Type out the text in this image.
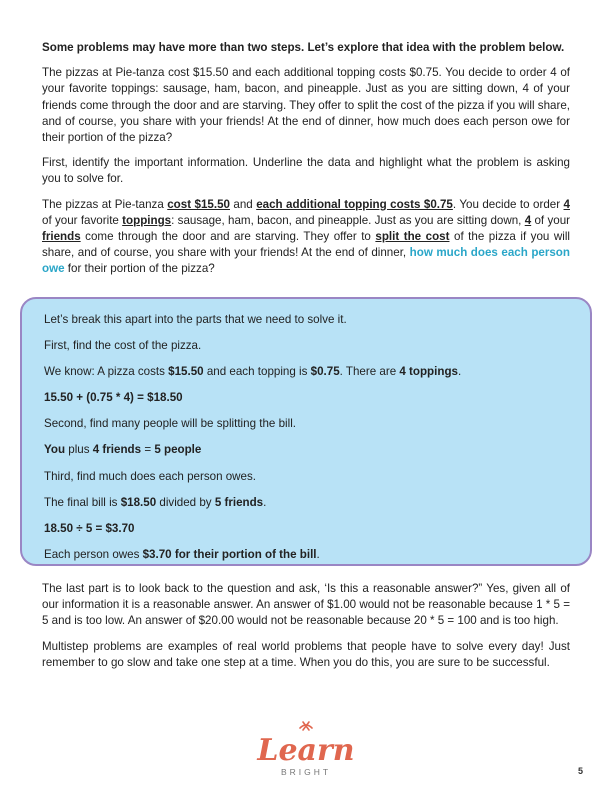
Some problems may have more than two steps. Let’s explore that idea with the problem below.

The pizzas at Pie-tanza cost $15.50 and each additional topping costs $0.75. You decide to order 4 of your favorite toppings: sausage, ham, bacon, and pineapple. Just as you are sitting down, 4 of your friends come through the door and are starving. They offer to split the cost of the pizza if you will share, and of course, you share with your friends! At the end of dinner, how much does each person owe for their portion of the pizza?

First, identify the important information. Underline the data and highlight what the problem is asking you to solve for.

The pizzas at Pie-tanza cost $15.50 and each additional topping costs $0.75. You decide to order 4 of your favorite toppings: sausage, ham, bacon, and pineapple. Just as you are sitting down, 4 of your friends come through the door and are starving. They offer to split the cost of the pizza if you will share, and of course, you share with your friends! At the end of dinner, how much does each person owe for their portion of the pizza?

Let’s break this apart into the parts that we need to solve it.

First, find the cost of the pizza.

We know: A pizza costs $15.50 and each topping is $0.75. There are 4 toppings.

15.50 + (0.75 * 4) = $18.50

Second, find many people will be splitting the bill.

You plus 4 friends = 5 people

Third, find much does each person owes.

The final bill is $18.50 divided by 5 friends.

18.50 ÷ 5 = $3.70

Each person owes $3.70 for their portion of the bill.

The last part is to look back to the question and ask, ‘Is this a reasonable answer?” Yes, given all of our information it is a reasonable answer. An answer of $1.00 would not be reasonable because 1 * 5 = 5 and is too low. An answer of $20.00 would not be reasonable because 20 * 5 = 100 and is too high.

Multistep problems are examples of real world problems that people have to solve every day! Just remember to go slow and take one step at a time. When you do this, you are sure to be successful.

Learn
BRIGHT	5
